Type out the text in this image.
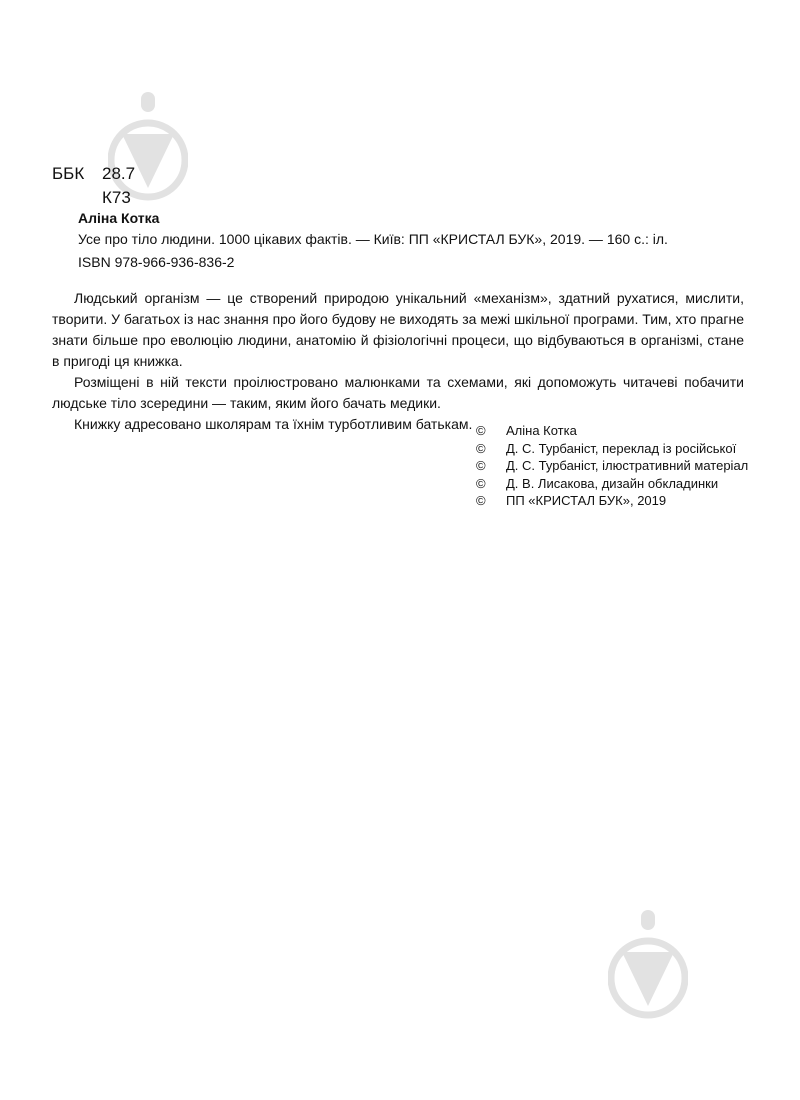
ББК 28.7
К73
Аліна Котка
Усе про тіло людини. 1000 цікавих фактів. — Київ: ПП «КРИСТАЛ БУК», 2019. — 160 с.: іл.
ISBN 978-966-936-836-2

Людський організм — це створений природою унікальний «механізм», здатний рухатися, мислити, творити. У багатьох із нас знання про його будову не виходять за межі шкільної програми. Тим, хто прагне знати більше про еволюцію людини, анатомію й фізіологічні процеси, що відбуваються в організмі, стане в пригоді ця книжка.

Розміщені в ній тексти проілюстровано малюнками та схемами, які допоможуть читачеві побачити людське тіло зсередини — таким, яким його бачать медики.

Книжку адресовано школярам та їхнім турботливим батькам. ©	Аліна Котка
©	Д. С. Турбаніст, переклад із російської
©	Д. С. Турбаніст, ілюстративний матеріал
©	Д. В. Лисакова, дизайн обкладинки
©	ПП «КРИСТАЛ БУК», 2019
